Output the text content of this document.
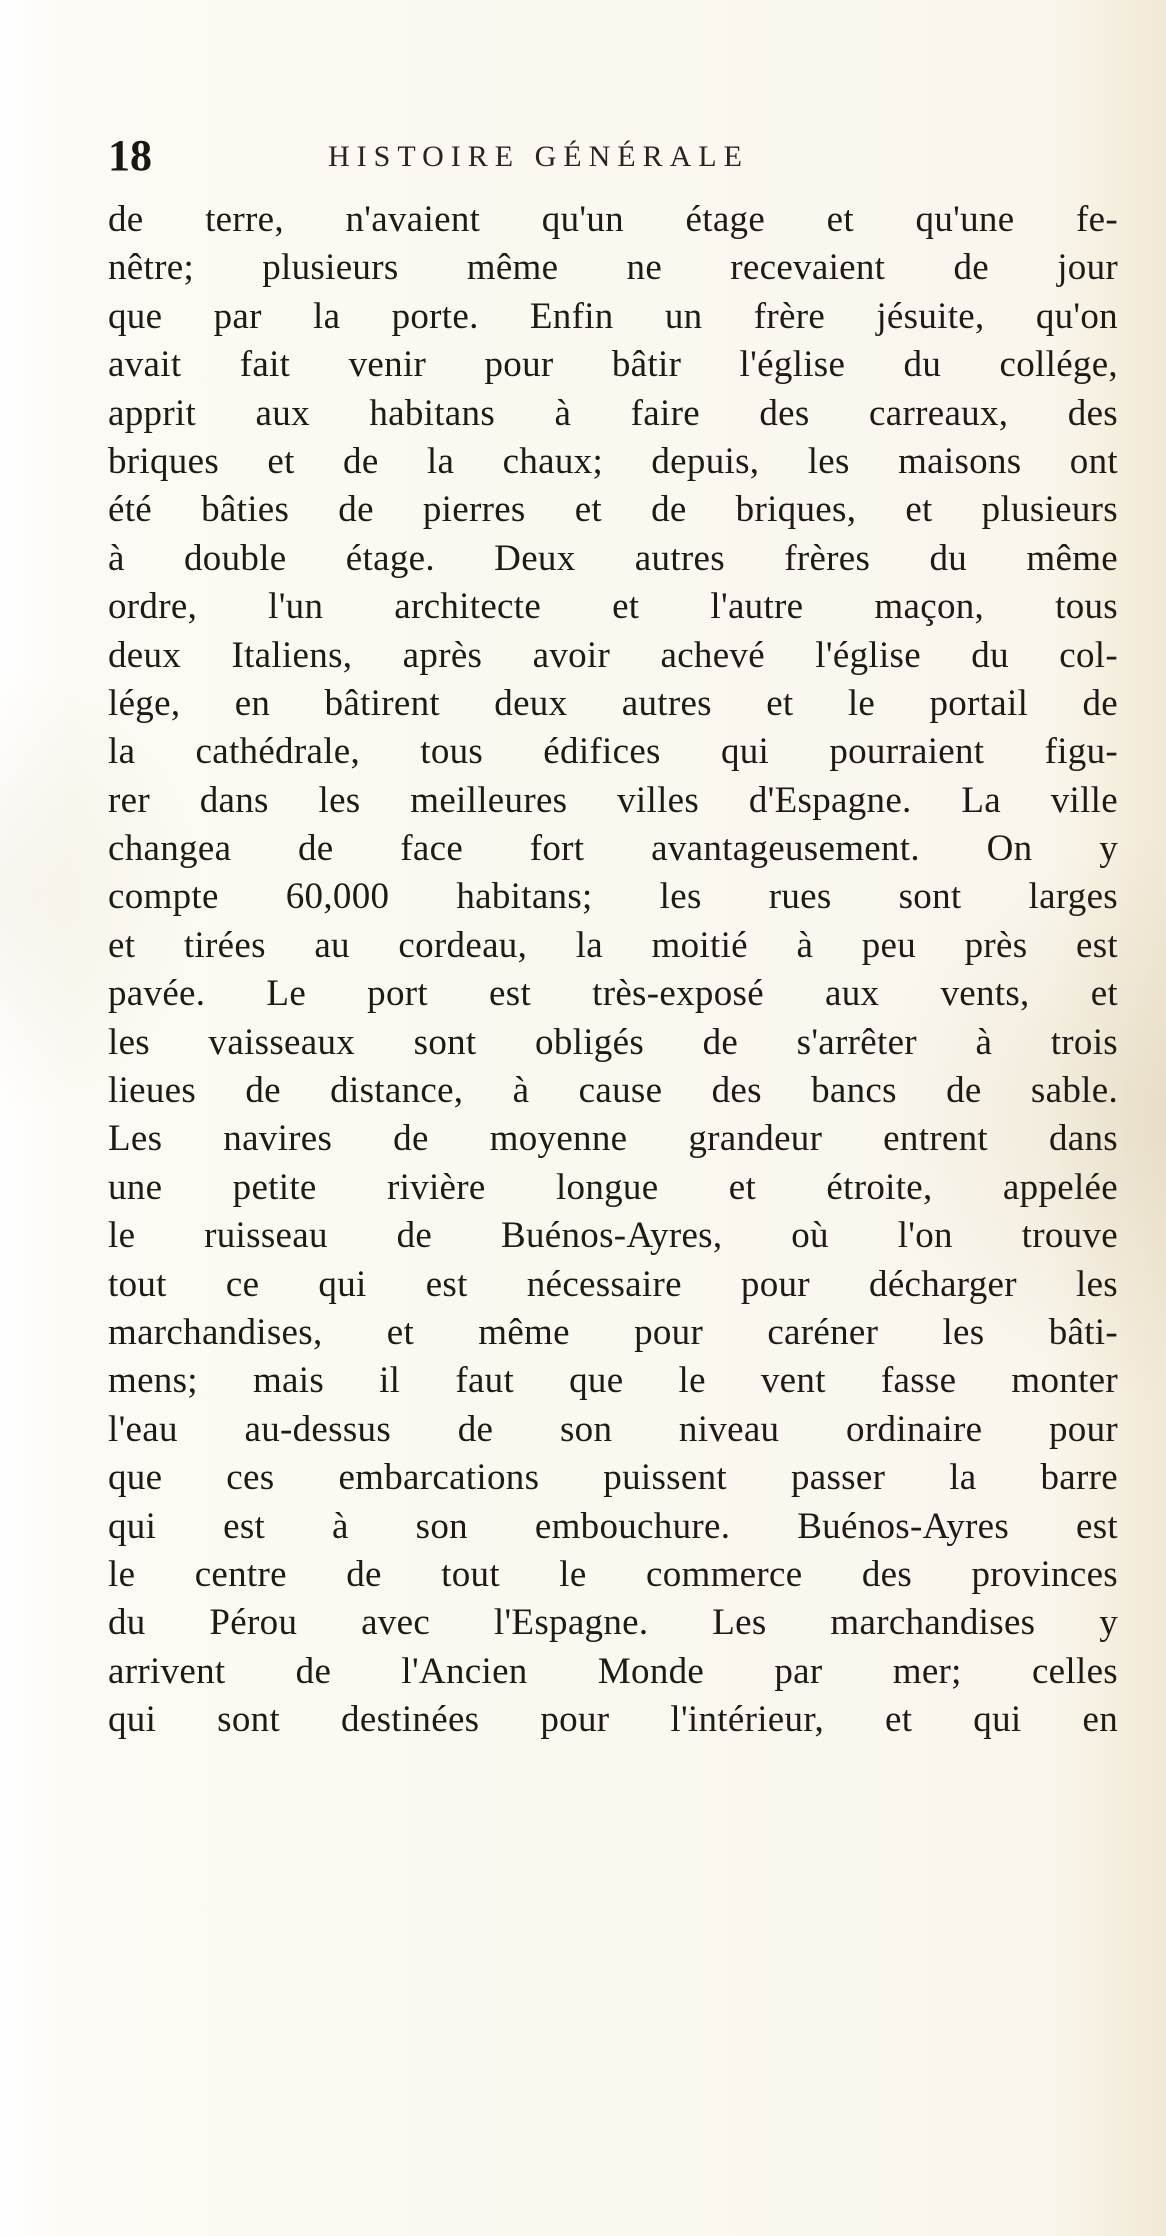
18	HISTOIRE GÉNÉRALE
de terre, n'avaient qu'un étage et qu'une fe-
nêtre; plusieurs même ne recevaient de jour
que par la porte. Enfin un frère jésuite, qu'on
avait fait venir pour bâtir l'église du collége,
apprit aux habitans à faire des carreaux, des
briques et de la chaux; depuis, les maisons ont
été bâties de pierres et de briques, et plusieurs
à double étage. Deux autres frères du même
ordre, l'un architecte et l'autre maçon, tous
deux Italiens, après avoir achevé l'église du col-
lége, en bâtirent deux autres et le portail de
la cathédrale, tous édifices qui pourraient figu-
rer dans les meilleures villes d'Espagne. La ville
changea de face fort avantageusement. On y
compte 60,000 habitans; les rues sont larges
et tirées au cordeau, la moitié à peu près est
pavée. Le port est très-exposé aux vents, et
les vaisseaux sont obligés de s'arrêter à trois
lieues de distance, à cause des bancs de sable.
Les navires de moyenne grandeur entrent dans
une petite rivière longue et étroite, appelée
le ruisseau de Buénos-Ayres, où l'on trouve
tout ce qui est nécessaire pour décharger les
marchandises, et même pour caréner les bâti-
mens; mais il faut que le vent fasse monter
l'eau au-dessus de son niveau ordinaire pour
que ces embarcations puissent passer la barre
qui est à son embouchure. Buénos-Ayres est
le centre de tout le commerce des provinces
du Pérou avec l'Espagne. Les marchandises y
arrivent de l'Ancien Monde par mer; celles
qui sont destinées pour l'intérieur, et qui en
